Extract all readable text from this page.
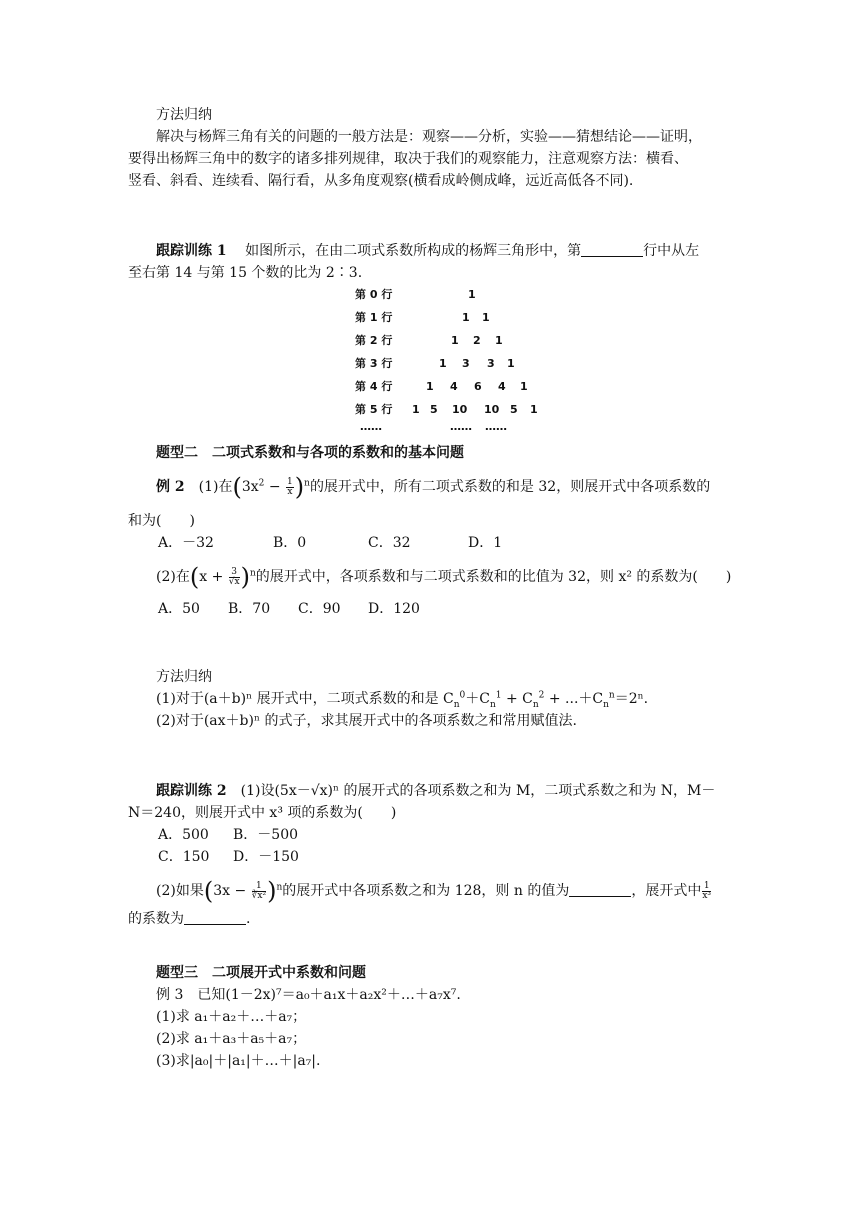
方法归纳

解决与杨辉三角有关的问题的一般方法是：观察——分析，实验——猜想结论——证明，

要得出杨辉三角中的数字的诸多排列规律，取决于我们的观察能力，注意观察方法：横看、

竖看、斜看、连续看、隔行看，从多角度观察(横看成岭侧成峰，远近高低各不同).

跟踪训练 1　 如图所示，在由二项式系数所构成的杨辉三角形中，第	行中从左

至右第 14 与第 15 个数的比为 2∶3.

第 0 行	1
第 1 行	1 1
第 2 行	1 2 1
第 3 行	1 3 3 1
第 4 行	1 4 6 4 1
第 5 行 1 5 10 10 5 1
……	…… ……

题型二　二项式系数和与各项的系数和的基本问题

例 2　 (1)在$(3x^2 - \frac{1}{x} )^n$的展开式中，所有二项式系数的和是 32，则展开式中各项系数的

和为(　　)

A．－32	B．0	C．32	D．1

(2)在$(x + \frac{3}{√x} )^n$的展开式中，各项系数和与二项式系数和的比值为 32，则 x² 的系数为(　　)

A．50 B．70 C．90 D．120

方法归纳

(1)对于(a＋b)ⁿ 展开式中，二项式系数的和是 $C_n^0+C_n^1 + C_n^2 + ...+C_n^n=2^n$.

(2)对于(ax＋b)ⁿ 的式子，求其展开式中的各项系数之和常用赋值法.

跟踪训练 2　 (1)设(5x－√x)ⁿ 的展开式的各项系数之和为 M，二项式系数之和为 N，M－

N＝240，则展开式中 x³ 项的系数为(　　)

A．500 B．－500

C．150 D．－150

(2)如果$(3x - \frac{1}{\text{∛x²}} )^n$的展开式中各项系数之和为 128，则 n 的值为	，展开式中 $\frac{1}{\text{x³}}$

的系数为	.

题型三　二项展开式中系数和问题

例 3　已知(1－2x)⁷＝a₀＋a₁x＋a₂x²＋…＋a₇x⁷.

(1)求 a₁＋a₂＋…＋a₇；

(2)求 a₁＋a₃＋a₅＋a₇；

(3)求|a₀|＋|a₁|＋…＋|a₇|.
